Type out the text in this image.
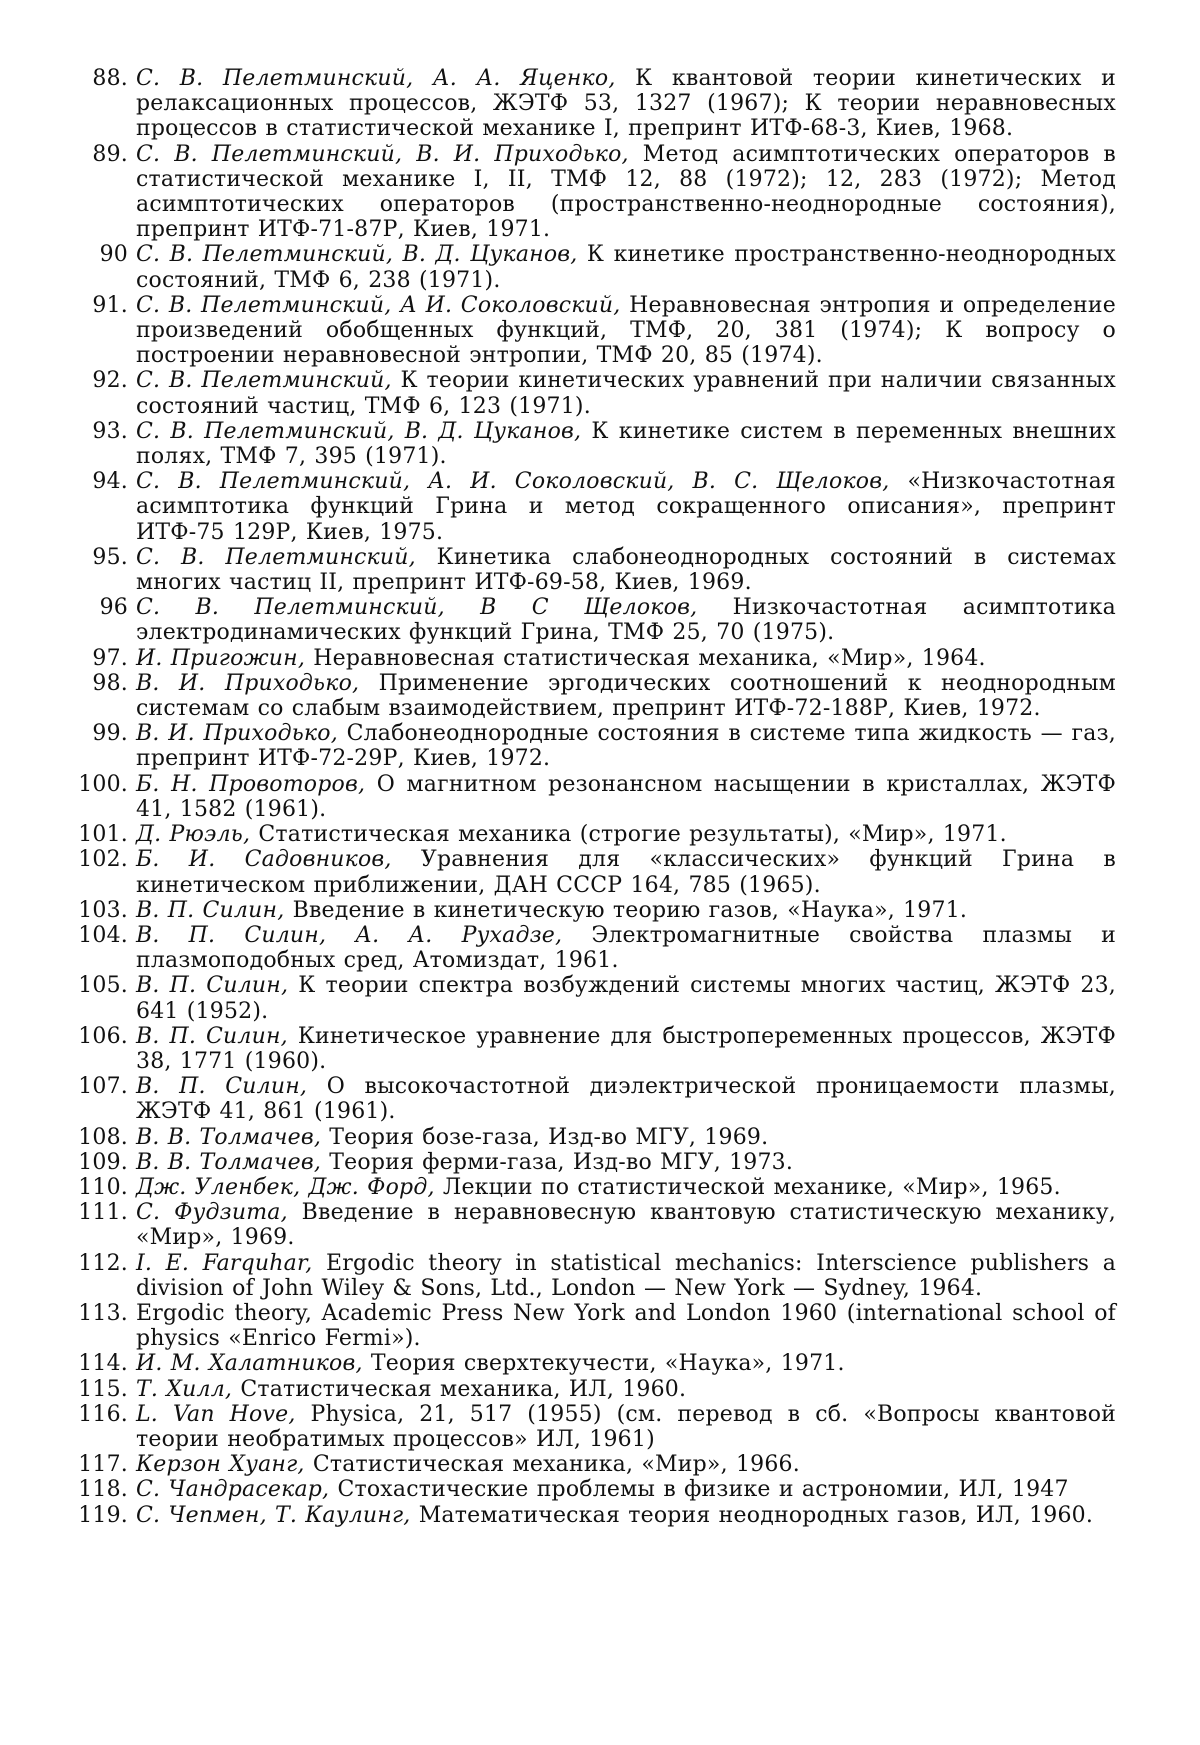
88. С. В. Пелетминский, А. А. Яценко, К квантовой теории кинетических и релаксационных процессов, ЖЭТФ 53, 1327 (1967); К теории неравновесных процессов в статистической механике I, препринт ИТФ-68-3, Киев, 1968.
89. С. В. Пелетминский, В. И. Приходько, Метод асимптотических операторов в статистической механике I, II, ТМФ 12, 88 (1972); 12, 283 (1972); Метод асимптотических операторов (пространственно-неоднородные состояния), препринт ИТФ-71-87Р, Киев, 1971.
90 С. В. Пелетминский, В. Д. Цуканов, К кинетике пространственно-неоднородных состояний, ТМФ 6, 238 (1971).
91. С. В. Пелетминский, А И. Соколовский, Неравновесная энтропия и определение произведений обобщенных функций, ТМФ, 20, 381 (1974); К вопросу о построении неравновесной энтропии, ТМФ 20, 85 (1974).
92. С. В. Пелетминский, К теории кинетических уравнений при наличии связанных состояний частиц, ТМФ 6, 123 (1971).
93. С. В. Пелетминский, В. Д. Цуканов, К кинетике систем в переменных внешних полях, ТМФ 7, 395 (1971).
94. С. В. Пелетминский, А. И. Соколовский, В. С. Щелоков, «Низкочастотная асимптотика функций Грина и метод сокращенного описания», препринт ИТФ-75 129Р, Киев, 1975.
95. С. В. Пелетминский, Кинетика слабонеоднородных состояний в системах многих частиц II, препринт ИТФ-69-58, Киев, 1969.
96 С. В. Пелетминский, В С Щелоков, Низкочастотная асимптотика электродинамических функций Грина, ТМФ 25, 70 (1975).
97. И. Пригожин, Неравновесная статистическая механика, «Мир», 1964.
98. В. И. Приходько, Применение эргодических соотношений к неоднородным системам со слабым взаимодействием, препринт ИТФ-72-188Р, Киев, 1972.
99. В. И. Приходько, Слабонеоднородные состояния в системе типа жидкость — газ, препринт ИТФ-72-29Р, Киев, 1972.
100. Б. Н. Провоторов, О магнитном резонансном насыщении в кристаллах, ЖЭТФ 41, 1582 (1961).
101. Д. Рюэль, Статистическая механика (строгие результаты), «Мир», 1971.
102. Б. И. Садовников, Уравнения для «классических» функций Грина в кинетическом приближении, ДАН СССР 164, 785 (1965).
103. В. П. Силин, Введение в кинетическую теорию газов, «Наука», 1971.
104. В. П. Силин, А. А. Рухадзе, Электромагнитные свойства плазмы и плазмоподобных сред, Атомиздат, 1961.
105. В. П. Силин, К теории спектра возбуждений системы многих частиц, ЖЭТФ 23, 641 (1952).
106. В. П. Силин, Кинетическое уравнение для быстропеременных процессов, ЖЭТФ 38, 1771 (1960).
107. В. П. Силин, О высокочастотной диэлектрической проницаемости плазмы, ЖЭТФ 41, 861 (1961).
108. В. В. Толмачев, Теория бозе-газа, Изд-во МГУ, 1969.
109. В. В. Толмачев, Теория ферми-газа, Изд-во МГУ, 1973.
110. Дж. Уленбек, Дж. Форд, Лекции по статистической механике, «Мир», 1965.
111. С. Фудзита, Введение в неравновесную квантовую статистическую механику, «Мир», 1969.
112. I. E. Farquhar, Ergodic theory in statistical mechanics: Interscience publishers a division of John Wiley & Sons, Ltd., London — New York — Sydney, 1964.
113. Ergodic theory, Academic Press New York and London 1960 (international school of physics «Enrico Fermi»).
114. И. М. Халатников, Теория сверхтекучести, «Наука», 1971.
115. Т. Хилл, Статистическая механика, ИЛ, 1960.
116. L. Van Hove, Physica, 21, 517 (1955) (см. перевод в сб. «Вопросы квантовой теории необратимых процессов» ИЛ, 1961)
117. Керзон Хуанг, Статистическая механика, «Мир», 1966.
118. С. Чандрасекар, Стохастические проблемы в физике и астрономии, ИЛ, 1947
119. С. Чепмен, Т. Каулинг, Математическая теория неоднородных газов, ИЛ, 1960.
